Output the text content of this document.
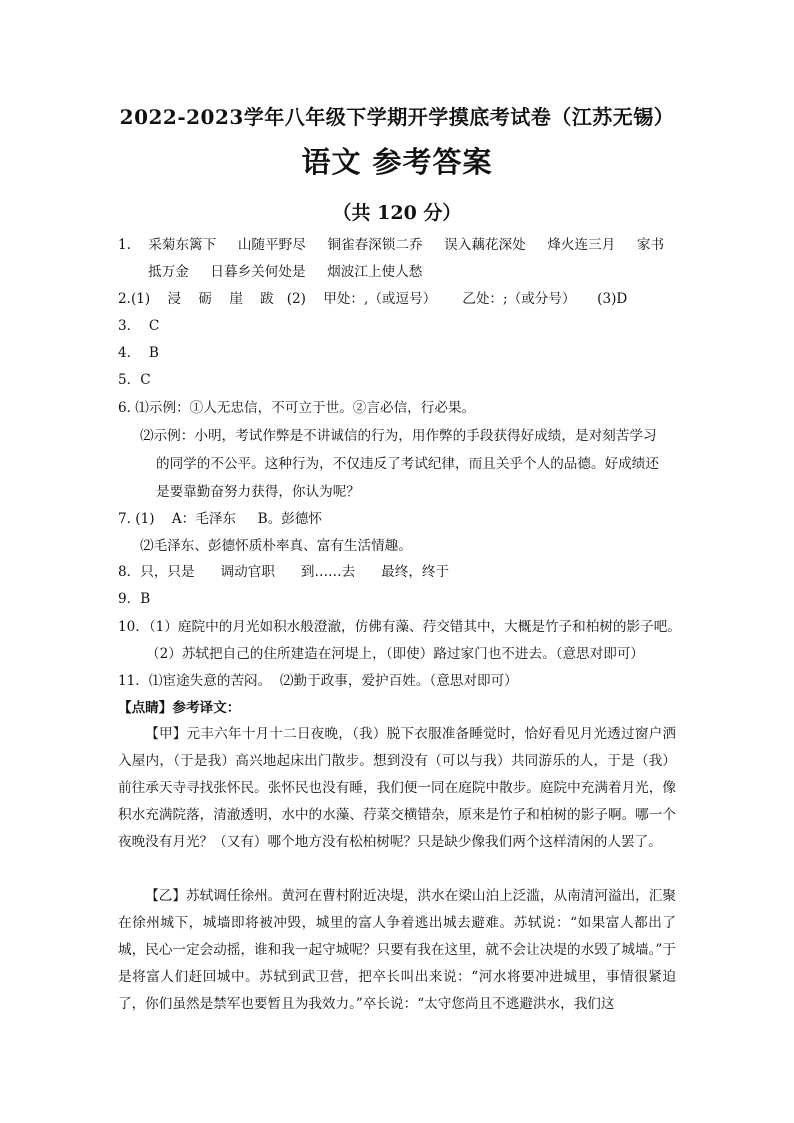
2022-2023学年八年级下学期开学摸底考试卷（江苏无锡）
语文 参考答案
（共 120 分）
1.    采菊东篱下     山随平野尽     铜雀春深锁二乔     误入藕花深处     烽火连三月     家书
抵万金     日暮乡关何处是     烟波江上使人愁
2.(1)    浸    砺    崖    跋   (2)    甲处：,（或逗号）      乙处：;（或分号）     (3)D
3．  C
4．  B
5．C
6. ⑴示例：①人无忠信，不可立于世。②言必信，行必果。
⑵示例：小明，考试作弊是不讲诚信的行为，用作弊的手段获得好成绩，是对刻苦学习
的同学的不公平。这种行为，不仅违反了考试纪律，而且关乎个人的品德。好成绩还
是要靠勤奋努力获得，你认为呢？
7. (1)    A：毛泽东     B。彭德怀
⑵毛泽东、彭德怀质朴率真、富有生活情趣。
8．只，只是      调动官职      到……去      最终，终于
9．B
10．（1）庭院中的月光如积水般澄澈，仿佛有藻、荇交错其中，大概是竹子和柏树的影子吧。
（2）苏轼把自己的住所建造在河堤上，（即使）路过家门也不进去。（意思对即可）
11．⑴宦途失意的苦闷。  ⑵勤于政事，爱护百姓。（意思对即可）
【点睛】参考译文：
【甲】元丰六年十月十二日夜晚，（我）脱下衣服准备睡觉时，恰好看见月光透过窗户洒入屋内，（于是我）高兴地起床出门散步。想到没有（可以与我）共同游乐的人，于是（我）前往承天寺寻找张怀民。张怀民也没有睡，我们便一同在庭院中散步。庭院中充满着月光，像积水充满院落，清澈透明，水中的水藻、荇菜交横错杂，原来是竹子和柏树的影子啊。哪一个夜晚没有月光？（又有）哪个地方没有松柏树呢？只是缺少像我们两个这样清闲的人罢了。
【乙】苏轼调任徐州。黄河在曹村附近决堤，洪水在梁山泊上泛滥，从南清河溢出，汇聚在徐州城下，城墙即将被冲毁，城里的富人争着逃出城去避难。苏轼说：“如果富人都出了城，民心一定会动摇，谁和我一起守城呢？只要有我在这里，就不会让决堤的水毁了城墙。”于是将富人们赶回城中。苏轼到武卫营，把卒长叫出来说：“河水将要冲进城里，事情很紧迫了，你们虽然是禁军也要暂且为我效力。”卒长说：“太守您尚且不逃避洪水，我们这
